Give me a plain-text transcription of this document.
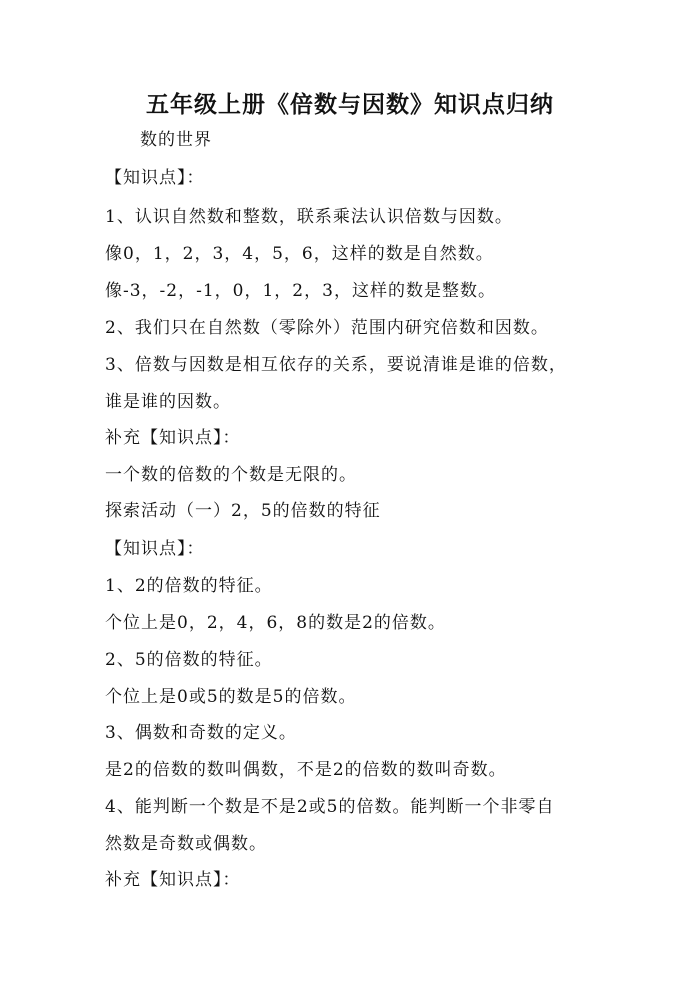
五年级上册《倍数与因数》知识点归纳
数的世界
【知识点】：
1、认识自然数和整数，联系乘法认识倍数与因数。
像0，1，2，3，4，5，6，这样的数是自然数。
像-3，-2，-1，0，1，2，3，这样的数是整数。
2、我们只在自然数（零除外）范围内研究倍数和因数。
3、倍数与因数是相互依存的关系，要说清谁是谁的倍数，
谁是谁的因数。
补充【知识点】：
一个数的倍数的个数是无限的。
探索活动（一）2，5的倍数的特征
【知识点】：
1、2的倍数的特征。
个位上是0，2，4，6，8的数是2的倍数。
2、5的倍数的特征。
个位上是0或5的数是5的倍数。
3、偶数和奇数的定义。
是2的倍数的数叫偶数，不是2的倍数的数叫奇数。
4、能判断一个数是不是2或5的倍数。能判断一个非零自
然数是奇数或偶数。
补充【知识点】：
